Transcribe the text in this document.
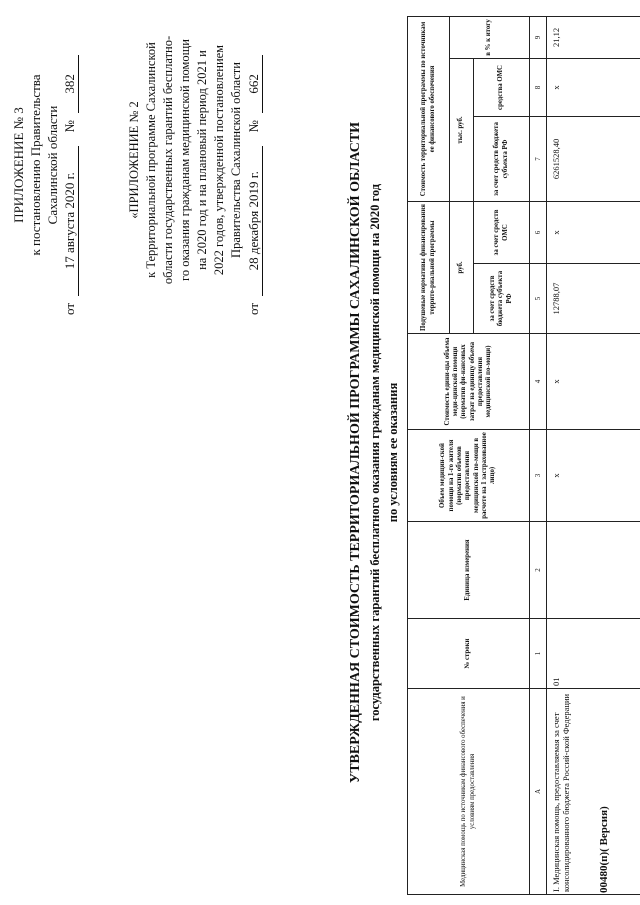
ПРИЛОЖЕНИЕ № 3 к постановлению Правительства Сахалинской области
от 17 августа 2020 г. № 382
«ПРИЛОЖЕНИЕ № 2 к Территориальной программе Сахалинской области государственных гарантий бесплатно- го оказания гражданам медицинской помощи на 2020 год и на плановый период 2021 и 2022 годов, утвержденной постановлением Правительства Сахалинской области
от 28 декабря 2019 г. № 662
УТВЕРЖДЕННАЯ СТОИМОСТЬ ТЕРРИТОРИАЛЬНОЙ ПРОГРАММЫ САХАЛИНСКОЙ ОБЛАСТИ государственных гарантий бесплатного оказания гражданам медицинской помощи на 2020 год по условиям ее оказания
Медицинская помощь по источникам финансового обеспечения и условиям предоставления	№ строки	Единица измерения	Объем медицин-ской помощи на 1-го жителя (норматив объемов предоставления медицинской по-мощи в расчете на 1 застрахованное лицо)	Стоимость едини-цы объема меди-цинской помощи (норматив фи-нансовых затрат на единицу объема предоставления медицинской по-мощи)	Подушевые нормативы финансирования террито-риальной программы		Стоимость территориальной программы по источникам ее финансового обеспечения		
					руб.		тыс. руб.		в % к итогу
					за счет средств бюджета субъекта РФ	за счет средств ОМС	за счет средств бюджета субъекта РФ	средства ОМС	
А	1	2	3	4	5	6	7	8	9
I. Медицинская помощь, предоставляемая за счет консолидированного бюджета Россий-ской Федерации	01		х	х	12788,07	х	6261528,40	х	21,12
00480(п)( Версия)
